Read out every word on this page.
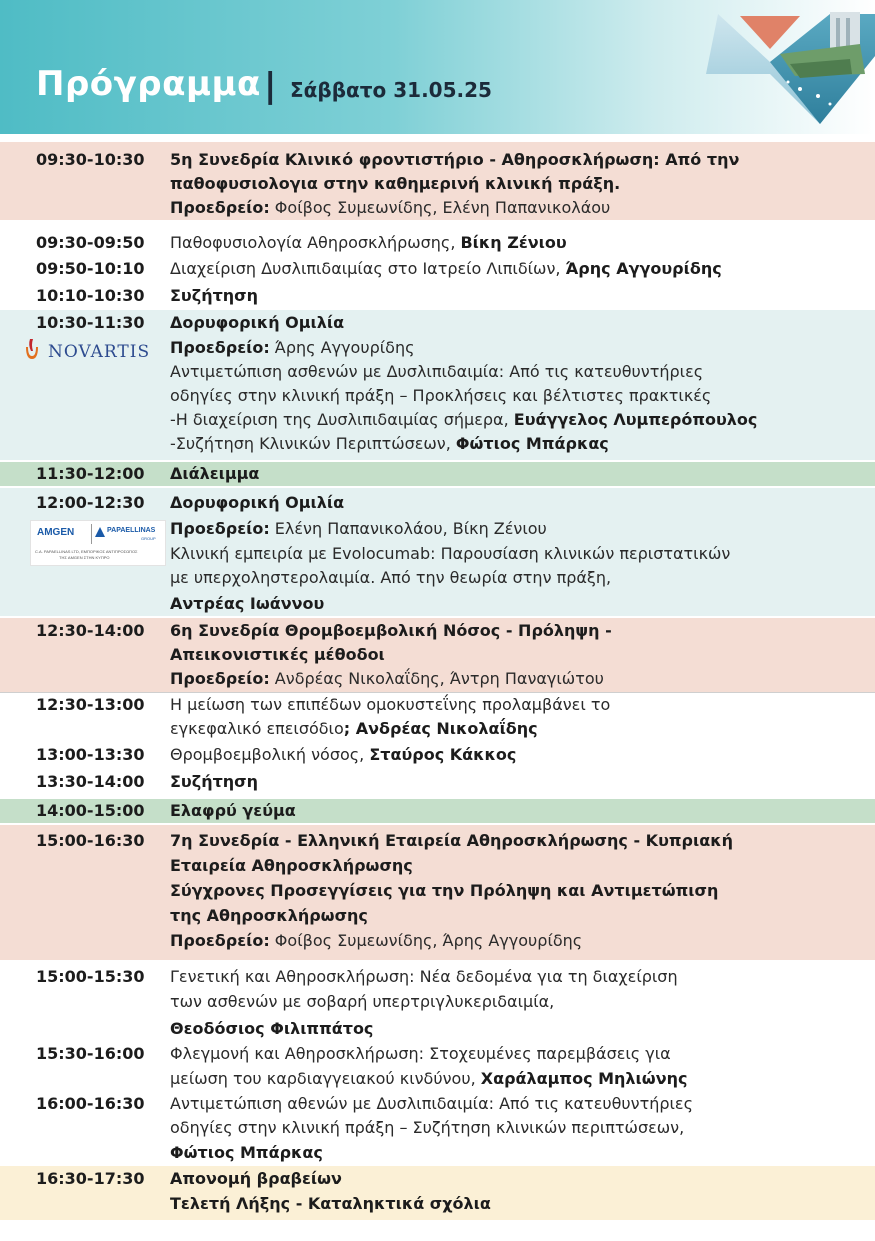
Πρόγραμμα | Σάββατο 31.05.25
09:30-10:30 5η Συνεδρία Κλινικό φροντιστήριο - Αθηροσκλήρωση: Από την
παθοφυσιολογια στην καθημερινή κλινική πράξη.
Προεδρείο: Φοίβος Συμεωνίδης, Ελένη Παπανικολάου
09:30-09:50 Παθοφυσιολογία Αθηροσκλήρωσης, Βίκη Ζένιου
09:50-10:10 Διαχείριση Δυσλιπιδαιμίας στο Ιατρείο Λιπιδίων, Άρης Αγγουρίδης
10:10-10:30 Συζήτηση
10:30-11:30 Δορυφορική Ομιλία
Προεδρείο: Άρης Αγγουρίδης
Αντιμετώπιση ασθενών με Δυσλιπιδαιμία: Από τις κατευθυντήριες
οδηγίες στην κλινική πράξη – Προκλήσεις και βέλτιστες πρακτικές
-Η διαχείριση της Δυσλιπιδαιμίας σήμερα, Ευάγγελος Λυμπερόπουλος
-Συζήτηση Κλινικών Περιπτώσεων, Φώτιος Μπάρκας
NOVARTIS
11:30-12:00 Διάλειμμα
12:00-12:30 Δορυφορική Ομιλία
Προεδρείο: Ελένη Παπανικολάου, Βίκη Ζένιου
Κλινική εμπειρία με Evolocumab: Παρουσίαση κλινικών περιστατικών
με υπερχοληστερολαιμία. Από την θεωρία στην πράξη,
Αντρέας Ιωάννου
AMGEN	PAPAELLINAS
GROUP
C.A. PAPAELLINAS LTD, ΕΜΠΟΡΙΚΟΣ ΑΝΤΙΠΡΟΣΩΠΟΣ
ΤΗΣ AMGEN ΣΤΗΝ ΚΥΠΡΟ
12:30-14:00 6η Συνεδρία Θρομβοεμβολική Νόσος - Πρόληψη -
Απεικονιστικές μέθοδοι
Προεδρείο: Ανδρέας Νικολαΐδης, Άντρη Παναγιώτου
12:30-13:00 Η μείωση των επιπέδων ομοκυστεΐνης προλαμβάνει το
εγκεφαλικό επεισόδιο; Ανδρέας Νικολαΐδης
13:00-13:30 Θρομβοεμβολική νόσος, Σταύρος Κάκκος
13:30-14:00 Συζήτηση
14:00-15:00 Ελαφρύ γεύμα
15:00-16:30 7η Συνεδρία - Ελληνική Εταιρεία Αθηροσκλήρωσης - Κυπριακή
Εταιρεία Αθηροσκλήρωσης
Σύγχρονες Προσεγγίσεις για την Πρόληψη και Αντιμετώπιση
της Αθηροσκλήρωσης
Προεδρείο: Φοίβος Συμεωνίδης, Άρης Αγγουρίδης
15:00-15:30 Γενετική και Αθηροσκλήρωση: Νέα δεδομένα για τη διαχείριση
των ασθενών με σοβαρή υπερτριγλυκεριδαιμία,
Θεοδόσιος Φιλιππάτος
15:30-16:00 Φλεγμονή και Αθηροσκλήρωση: Στοχευμένες παρεμβάσεις για
μείωση του καρδιαγγειακού κινδύνου, Χαράλαμπος Μηλιώνης
16:00-16:30 Αντιμετώπιση αθενών με Δυσλιπιδαιμία: Από τις κατευθυντήριες
οδηγίες στην κλινική πράξη – Συζήτηση κλινικών περιπτώσεων,
Φώτιος Μπάρκας
16:30-17:30 Απονομή βραβείων
Τελετή Λήξης - Καταληκτικά σχόλια
